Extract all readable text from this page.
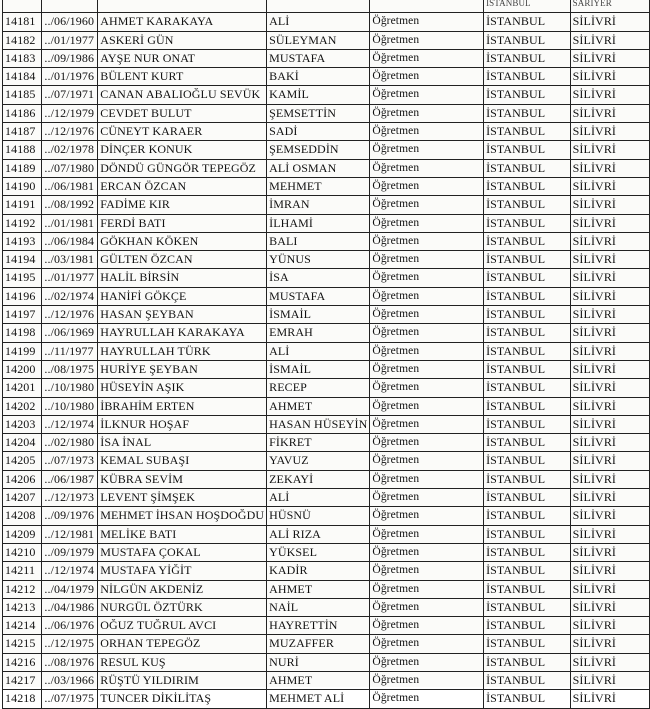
					ISTANBUL	SARIYER
14181	../06/1960	AHMET KARAKAYA	ALİ	Öğretmen	İSTANBUL	SİLİVRİ
14182	../01/1977	ASKERİ GÜN	SÜLEYMAN	Öğretmen	İSTANBUL	SİLİVRİ
14183	../09/1986	AYŞE NUR ONAT	MUSTAFA	Öğretmen	İSTANBUL	SİLİVRİ
14184	../01/1976	BÜLENT KURT	BAKİ	Öğretmen	İSTANBUL	SİLİVRİ
14185	../07/1971	CANAN ABALIOĞLU SEVÜK	KAMİL	Öğretmen	İSTANBUL	SİLİVRİ
14186	../12/1979	CEVDET BULUT	ŞEMSETTİN	Öğretmen	İSTANBUL	SİLİVRİ
14187	../12/1976	CÜNEYT KARAER	SADİ	Öğretmen	İSTANBUL	SİLİVRİ
14188	../02/1978	DİNÇER KONUK	ŞEMSEDDİN	Öğretmen	İSTANBUL	SİLİVRİ
14189	../07/1980	DÖNDÜ GÜNGÖR TEPEGÖZ	ALİ OSMAN	Öğretmen	İSTANBUL	SİLİVRİ
14190	../06/1981	ERCAN ÖZCAN	MEHMET	Öğretmen	İSTANBUL	SİLİVRİ
14191	../08/1992	FADİME KIR	İMRAN	Öğretmen	İSTANBUL	SİLİVRİ
14192	../01/1981	FERDİ BATI	İLHAMİ	Öğretmen	İSTANBUL	SİLİVRİ
14193	../06/1984	GÖKHAN KÖKEN	BALI	Öğretmen	İSTANBUL	SİLİVRİ
14194	../03/1981	GÜLTEN ÖZCAN	YÜNUS	Öğretmen	İSTANBUL	SİLİVRİ
14195	../01/1977	HALİL BİRSİN	İSA	Öğretmen	İSTANBUL	SİLİVRİ
14196	../02/1974	HANİFİ GÖKÇE	MUSTAFA	Öğretmen	İSTANBUL	SİLİVRİ
14197	../12/1976	HASAN ŞEYBAN	İSMAİL	Öğretmen	İSTANBUL	SİLİVRİ
14198	../06/1969	HAYRULLAH KARAKAYA	EMRAH	Öğretmen	İSTANBUL	SİLİVRİ
14199	../11/1977	HAYRULLAH TÜRK	ALİ	Öğretmen	İSTANBUL	SİLİVRİ
14200	../08/1975	HURİYE ŞEYBAN	İSMAİL	Öğretmen	İSTANBUL	SİLİVRİ
14201	../10/1980	HÜSEYİN AŞIK	RECEP	Öğretmen	İSTANBUL	SİLİVRİ
14202	../10/1980	İBRAHİM ERTEN	AHMET	Öğretmen	İSTANBUL	SİLİVRİ
14203	../12/1974	İLKNUR HOŞAF	HASAN HÜSEYİN	Öğretmen	İSTANBUL	SİLİVRİ
14204	../02/1980	İSA İNAL	FİKRET	Öğretmen	İSTANBUL	SİLİVRİ
14205	../07/1973	KEMAL SUBAŞI	YAVUZ	Öğretmen	İSTANBUL	SİLİVRİ
14206	../06/1987	KÜBRA SEVİM	ZEKAYİ	Öğretmen	İSTANBUL	SİLİVRİ
14207	../12/1973	LEVENT ŞİMŞEK	ALİ	Öğretmen	İSTANBUL	SİLİVRİ
14208	../09/1976	MEHMET İHSAN HOŞDOĞDU	HÜSNÜ	Öğretmen	İSTANBUL	SİLİVRİ
14209	../12/1981	MELİKE BATI	ALİ RIZA	Öğretmen	İSTANBUL	SİLİVRİ
14210	../09/1979	MUSTAFA ÇOKAL	YÜKSEL	Öğretmen	İSTANBUL	SİLİVRİ
14211	../12/1974	MUSTAFA YİĞİT	KADİR	Öğretmen	İSTANBUL	SİLİVRİ
14212	../04/1979	NİLGÜN AKDENİZ	AHMET	Öğretmen	İSTANBUL	SİLİVRİ
14213	../04/1986	NURGÜL ÖZTÜRK	NAİL	Öğretmen	İSTANBUL	SİLİVRİ
14214	../06/1976	OĞUZ TUĞRUL AVCI	HAYRETTİN	Öğretmen	İSTANBUL	SİLİVRİ
14215	../12/1975	ORHAN TEPEGÖZ	MUZAFFER	Öğretmen	İSTANBUL	SİLİVRİ
14216	../08/1976	RESUL KUŞ	NURİ	Öğretmen	İSTANBUL	SİLİVRİ
14217	../03/1966	RÜŞTÜ YILDIRIM	AHMET	Öğretmen	İSTANBUL	SİLİVRİ
14218	../07/1975	TUNCER DİKİLİTAŞ	MEHMET ALİ	Öğretmen	İSTANBUL	SİLİVRİ
